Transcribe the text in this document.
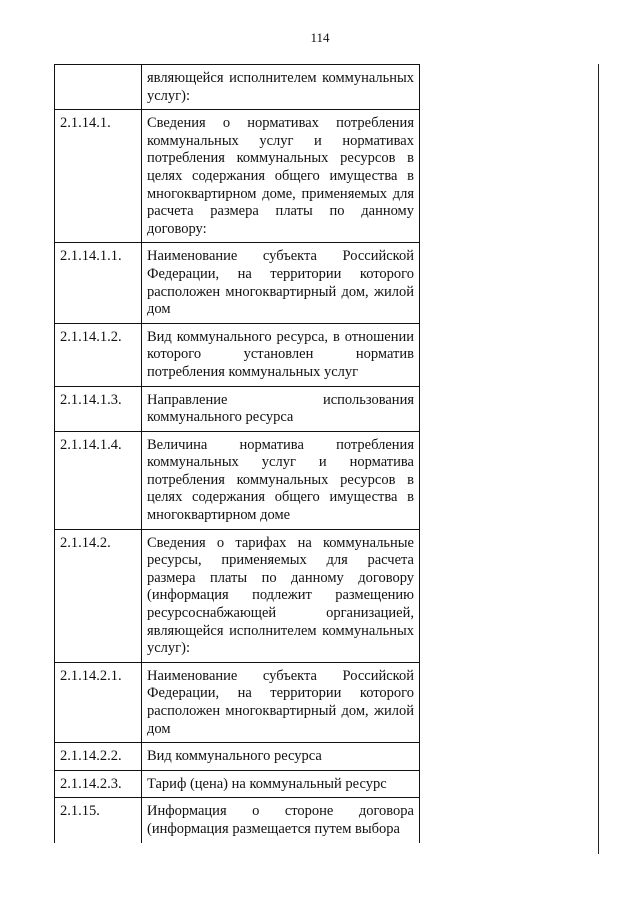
114
	являющейся исполнителем коммунальных услуг):
2.1.14.1.	Сведения о нормативах потребления коммунальных услуг и нормативах потребления коммунальных ресурсов в целях содержания общего имущества в многоквартирном доме, применяемых для расчета размера платы по данному договору:
2.1.14.1.1.	Наименование субъекта Российской Федерации, на территории которого расположен многоквартирный дом, жилой дом
2.1.14.1.2.	Вид коммунального ресурса, в отношении которого установлен норматив потребления коммунальных услуг
2.1.14.1.3.	Направление использования коммунального ресурса
2.1.14.1.4.	Величина норматива потребления коммунальных услуг и норматива потребления коммунальных ресурсов в целях содержания общего имущества в многоквартирном доме
2.1.14.2.	Сведения о тарифах на коммунальные ресурсы, применяемых для расчета размера платы по данному договору (информация подлежит размещению ресурсоснабжающей организацией, являющейся исполнителем коммунальных услуг):
2.1.14.2.1.	Наименование субъекта Российской Федерации, на территории которого расположен многоквартирный дом, жилой дом
2.1.14.2.2.	Вид коммунального ресурса
2.1.14.2.3.	Тариф (цена) на коммунальный ресурс
2.1.15.	Информация о стороне договора (информация размещается путем выбора
